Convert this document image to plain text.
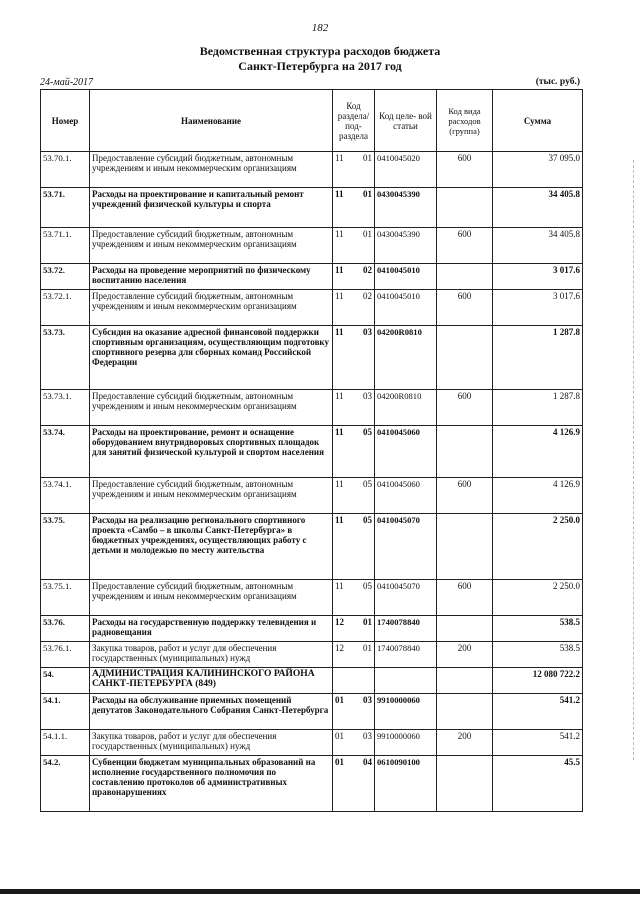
182
Ведомственная структура расходов бюджета
Санкт-Петербурга на 2017 год
24-май-2017	(тыс. руб.)
Номер	Наименование	Код раздела/ под- раздела		Код целе- вой статьи	Код вида расходов (группа)	Сумма
53.70.1.	Предоставление субсидий бюджетным, автономным учреждениям и иным некоммерческим организациям	11	01	0410045020	600	37 095.0
53.71.	Расходы на проектирование и капитальный ремонт учреждений физической культуры и спорта	11	01	0430045390		34 405.8
53.71.1.	Предоставление субсидий бюджетным, автономным учреждениям и иным некоммерческим организациям	11	01	0430045390	600	34 405.8
53.72.	Расходы на проведение мероприятий по физическому воспитанию населения	11	02	0410045010		3 017.6
53.72.1.	Предоставление субсидий бюджетным, автономным учреждениям и иным некоммерческим организациям	11	02	0410045010	600	3 017.6
53.73.	Субсидия на оказание адресной финансовой поддержки спортивным организациям, осуществляющим подготовку спортивного резерва для сборных команд Российской Федерации	11	03	04200R0810		1 287.8
53.73.1.	Предоставление субсидий бюджетным, автономным учреждениям и иным некоммерческим организациям	11	03	04200R0810	600	1 287.8
53.74.	Расходы на проектирование, ремонт и оснащение оборудованием внутридворовых спортивных площадок для занятий физической культурой и спортом населения	11	05	0410045060		4 126.9
53.74.1.	Предоставление субсидий бюджетным, автономным учреждениям и иным некоммерческим организациям	11	05	0410045060	600	4 126.9
53.75.	Расходы на реализацию регионального спортивного проекта «Самбо – в школы Санкт-Петербурга» в бюджетных учреждениях, осуществляющих работу с детьми и молодежью по месту жительства	11	05	0410045070		2 250.0
53.75.1.	Предоставление субсидий бюджетным, автономным учреждениям и иным некоммерческим организациям	11	05	0410045070	600	2 250.0
53.76.	Расходы на государственную поддержку телевидения и радиовещания	12	01	1740078840		538.5
53.76.1.	Закупка товаров, работ и услуг для обеспечения государственных (муниципальных) нужд	12	01	1740078840	200	538.5
54.	АДМИНИСТРАЦИЯ КАЛИНИНСКОГО РАЙОНА САНКТ-ПЕТЕРБУРГА (849)					12 080 722.2
54.1.	Расходы на обслуживание приемных помещений депутатов Законодательного Собрания Санкт-Петербурга	01	03	9910000060		541.2
54.1.1.	Закупка товаров, работ и услуг для обеспечения государственных (муниципальных) нужд	01	03	9910000060	200	541.2
54.2.	Субвенции бюджетам муниципальных образований на исполнение государственного полномочия по составлению протоколов об административных правонарушениях	01	04	0610090100		45.5
